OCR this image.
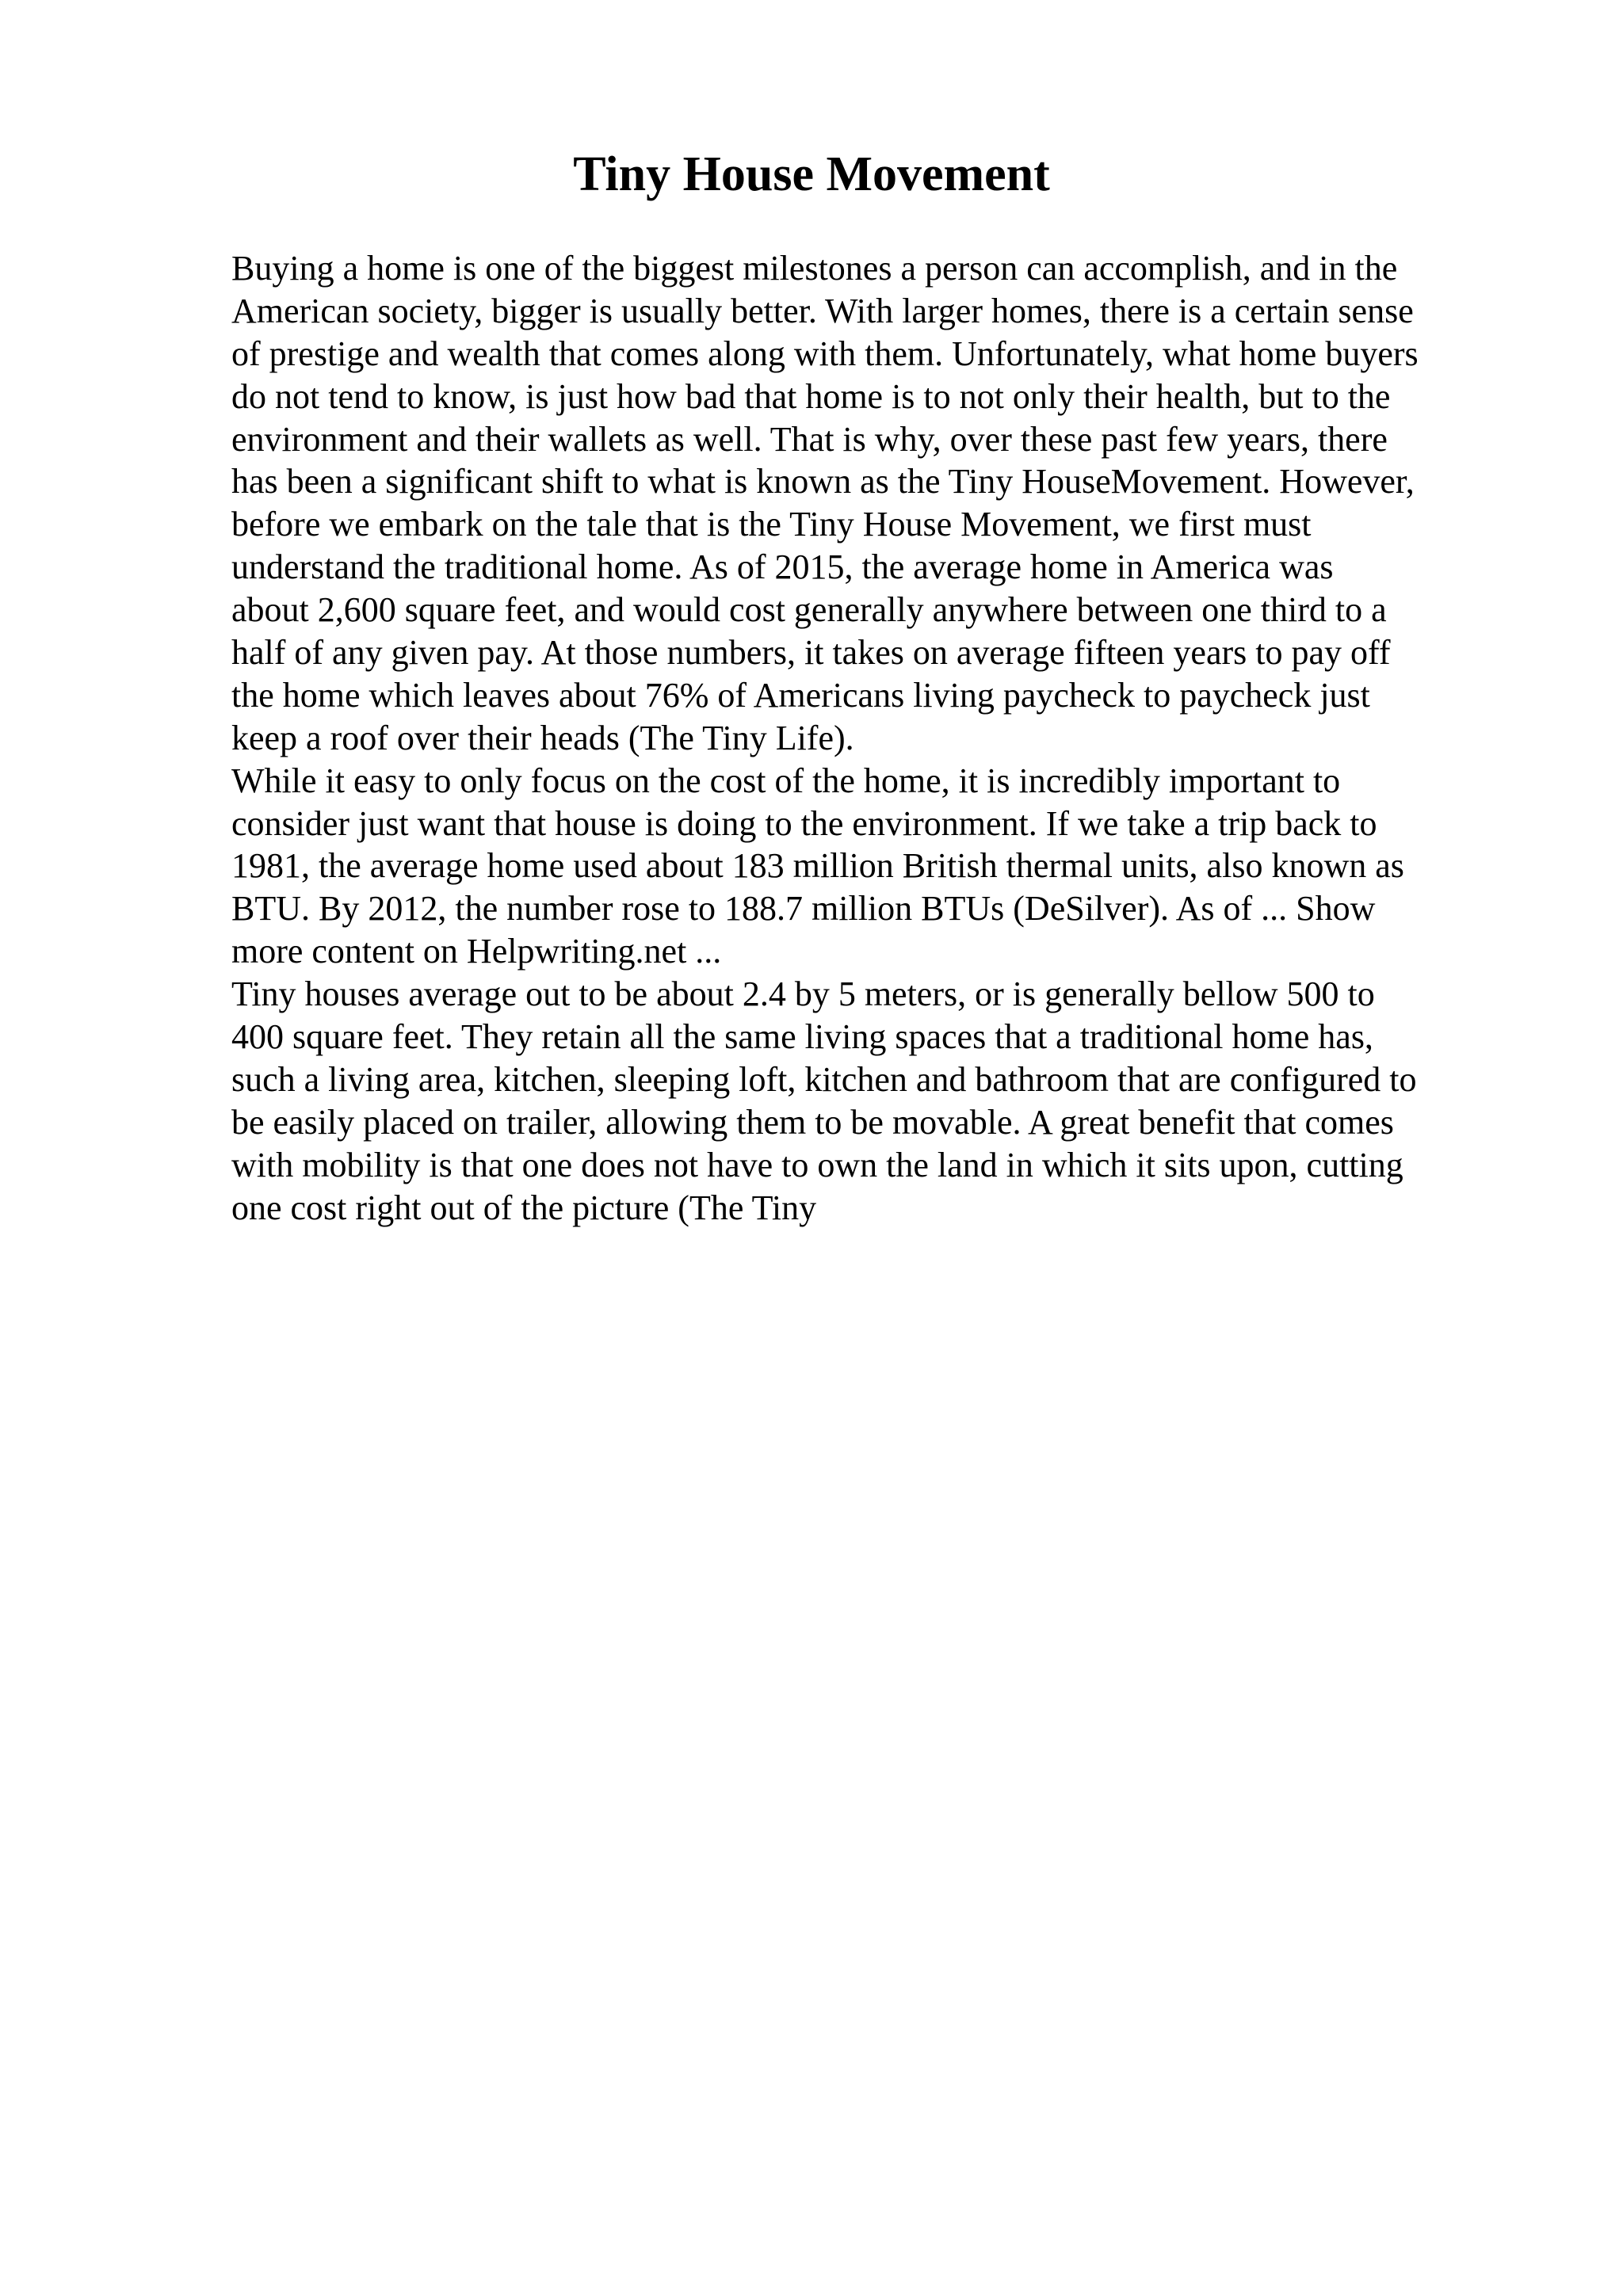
Tiny House Movement
Buying a home is one of the biggest milestones a person can accomplish, and in the
American society, bigger is usually better. With larger homes, there is a certain sense
of prestige and wealth that comes along with them. Unfortunately, what home buyers
do not tend to know, is just how bad that home is to not only their health, but to the
environment and their wallets as well. That is why, over these past few years, there
has been a significant shift to what is known as the Tiny HouseMovement. However,
before we embark on the tale that is the Tiny House Movement, we first must
understand the traditional home. As of 2015, the average home in America was
about 2,600 square feet, and would cost generally anywhere between one third to a
half of any given pay. At those numbers, it takes on average fifteen years to pay off
the home which leaves about 76% of Americans living paycheck to paycheck just
keep a roof over their heads (The Tiny Life).
While it easy to only focus on the cost of the home, it is incredibly important to
consider just want that house is doing to the environment. If we take a trip back to
1981, the average home used about 183 million British thermal units, also known as
BTU. By 2012, the number rose to 188.7 million BTUs (DeSilver). As of ... Show
more content on Helpwriting.net ...
Tiny houses average out to be about 2.4 by 5 meters, or is generally bellow 500 to
400 square feet. They retain all the same living spaces that a traditional home has,
such a living area, kitchen, sleeping loft, kitchen and bathroom that are configured to
be easily placed on trailer, allowing them to be movable. A great benefit that comes
with mobility is that one does not have to own the land in which it sits upon, cutting
one cost right out of the picture (The Tiny
